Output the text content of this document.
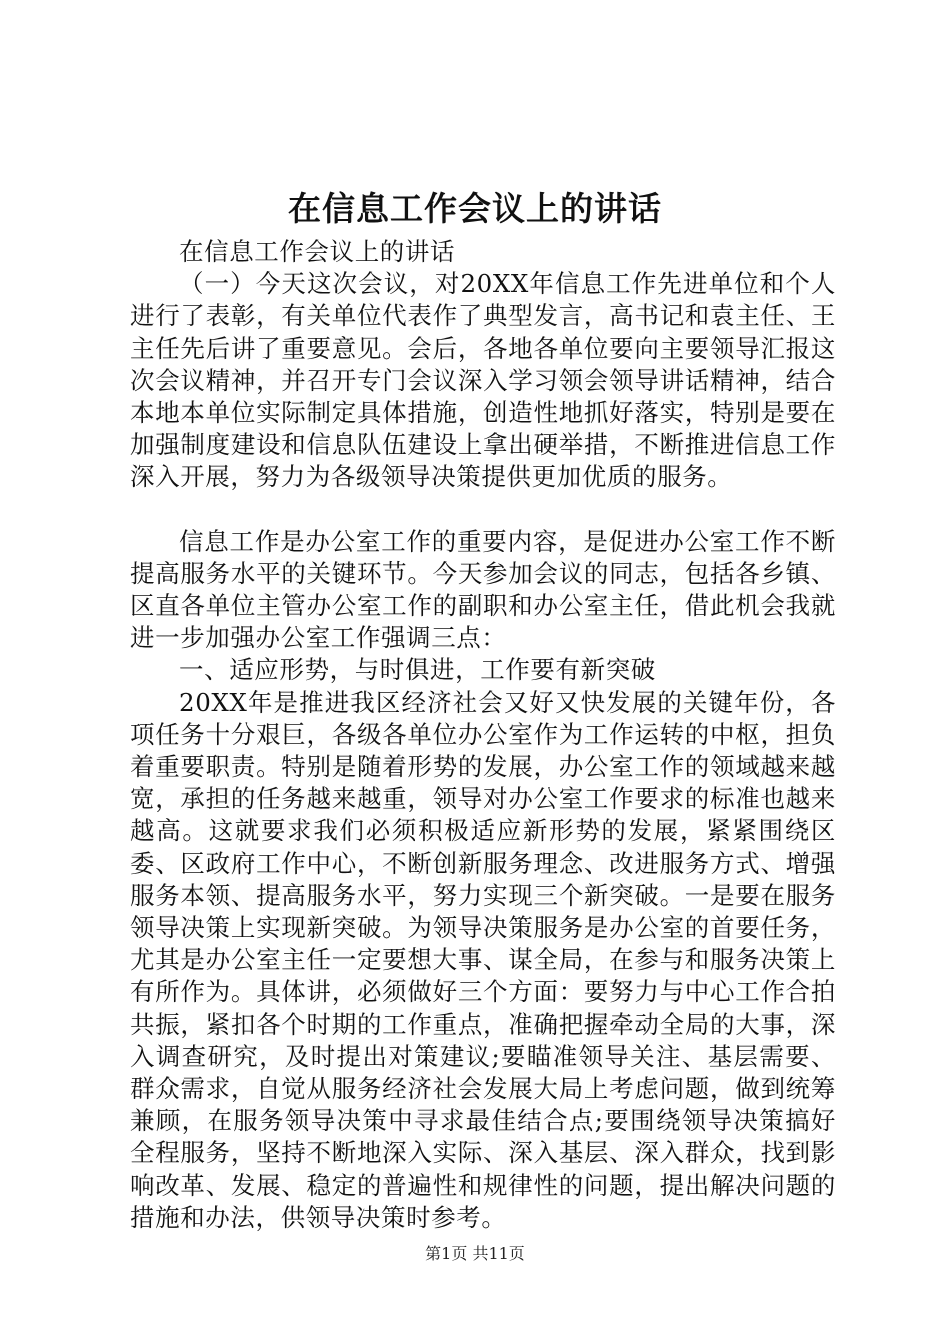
在信息工作会议上的讲话

在信息工作会议上的讲话

（一）今天这次会议，对20XX年信息工作先进单位和个人进行了表彰，有关单位代表作了典型发言，高书记和袁主任、王主任先后讲了重要意见。会后，各地各单位要向主要领导汇报这次会议精神，并召开专门会议深入学习领会领导讲话精神，结合本地本单位实际制定具体措施，创造性地抓好落实，特别是要在加强制度建设和信息队伍建设上拿出硬举措，不断推进信息工作深入开展，努力为各级领导决策提供更加优质的服务。

信息工作是办公室工作的重要内容，是促进办公室工作不断提高服务水平的关键环节。今天参加会议的同志，包括各乡镇、区直各单位主管办公室工作的副职和办公室主任，借此机会我就进一步加强办公室工作强调三点：

一、适应形势，与时俱进，工作要有新突破

20XX年是推进我区经济社会又好又快发展的关键年份，各项任务十分艰巨，各级各单位办公室作为工作运转的中枢，担负着重要职责。特别是随着形势的发展，办公室工作的领域越来越宽，承担的任务越来越重，领导对办公室工作要求的标准也越来越高。这就要求我们必须积极适应新形势的发展，紧紧围绕区委、区政府工作中心，不断创新服务理念、改进服务方式、增强服务本领、提高服务水平，努力实现三个新突破。一是要在服务领导决策上实现新突破。为领导决策服务是办公室的首要任务，尤其是办公室主任一定要想大事、谋全局，在参与和服务决策上有所作为。具体讲，必须做好三个方面：要努力与中心工作合拍共振，紧扣各个时期的工作重点，准确把握牵动全局的大事，深入调查研究，及时提出对策建议;要瞄准领导关注、基层需要、群众需求，自觉从服务经济社会发展大局上考虑问题，做到统筹兼顾，在服务领导决策中寻求最佳结合点;要围绕领导决策搞好全程服务，坚持不断地深入实际、深入基层、深入群众，找到影响改革、发展、稳定的普遍性和规律性的问题，提出解决问题的措施和办法，供领导决策时参考。

第1页 共11页
